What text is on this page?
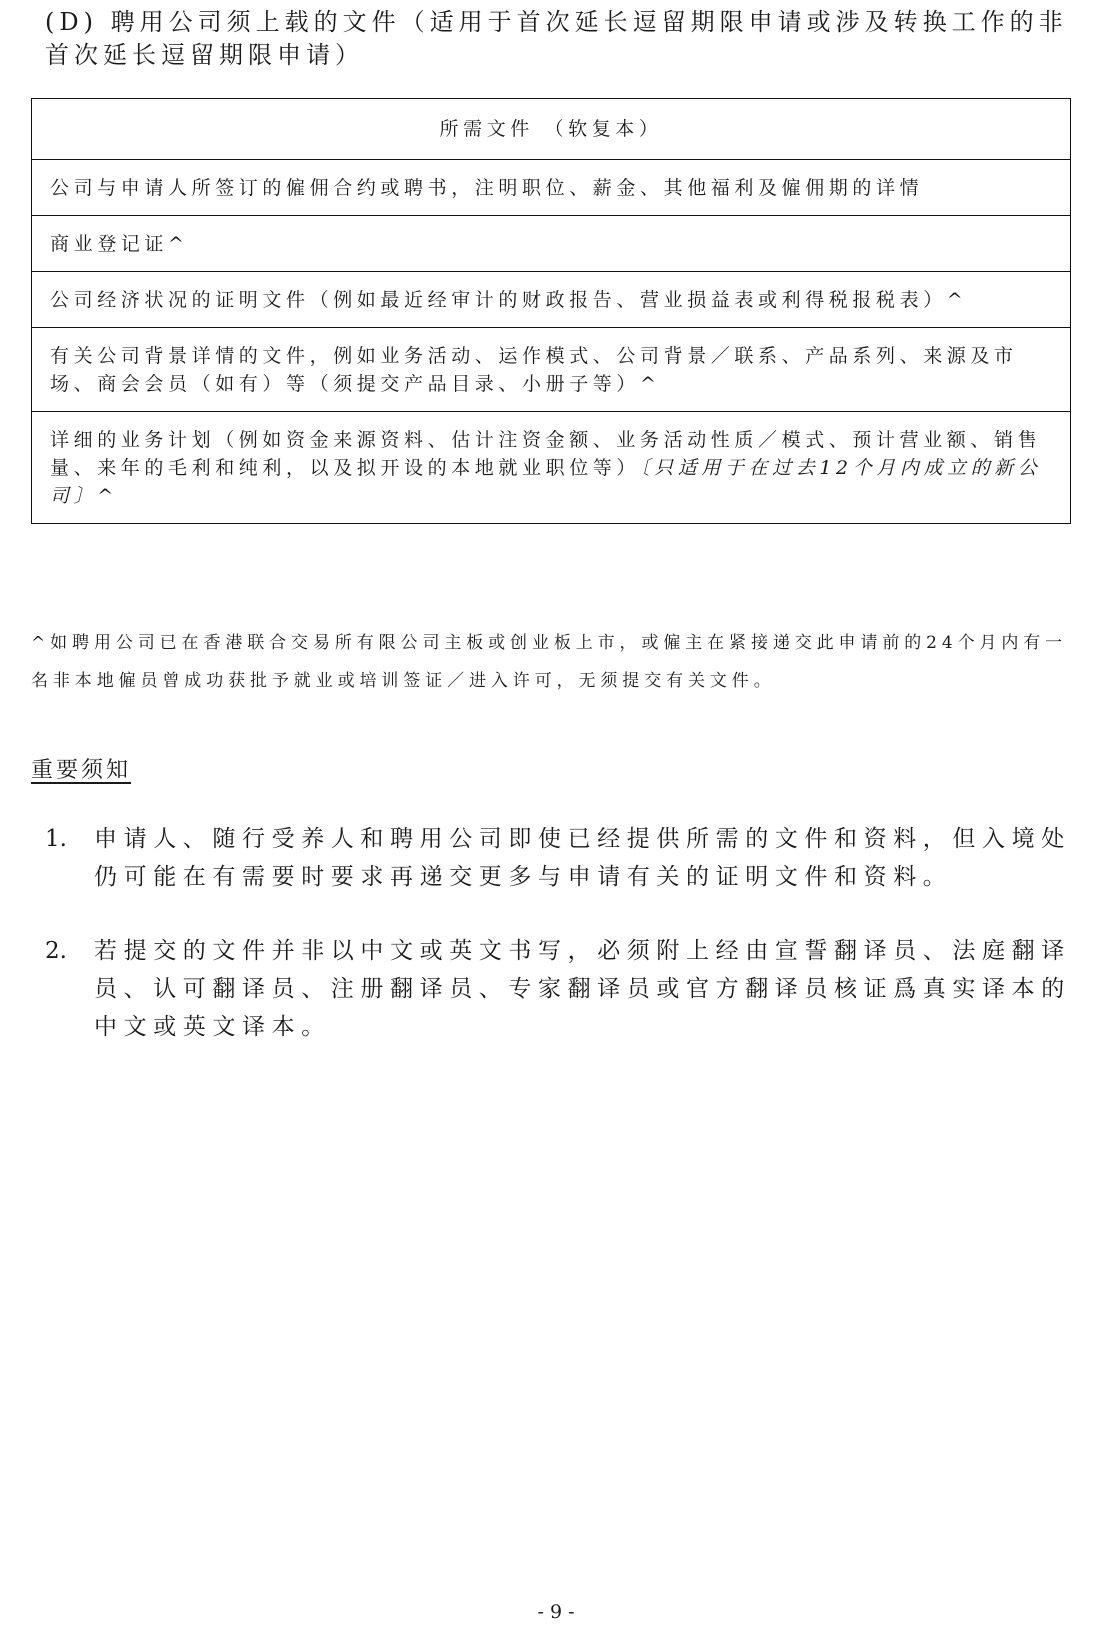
(D) 聘用公司须上载的文件（适用于首次延长逗留期限申请或涉及转换工作的非首次延长逗留期限申请）
所需文件 （软复本）
公司与申请人所签订的僱佣合约或聘书，注明职位、薪金、其他福利及僱佣期的详情
商业登记证^
公司经济状况的证明文件（例如最近经审计的财政报告、营业损益表或利得税报税表）^
有关公司背景详情的文件，例如业务活动、运作模式、公司背景／联系、产品系列、来源及市场、商会会员（如有）等（须提交产品目录、小册子等）^
详细的业务计划（例如资金来源资料、估计注资金额、业务活动性质／模式、预计营业额、销售量、来年的毛利和纯利，以及拟开设的本地就业职位等）〔只适用于在过去12个月内成立的新公司〕^
^如聘用公司已在香港联合交易所有限公司主板或创业板上市，或僱主在紧接递交此申请前的24个月内有一名非本地僱员曾成功获批予就业或培训签证／进入许可，无须提交有关文件。
重要须知
1. 申请人、随行受养人和聘用公司即使已经提供所需的文件和资料，但入境处仍可能在有需要时要求再递交更多与申请有关的证明文件和资料。
2. 若提交的文件并非以中文或英文书写，必须附上经由宣誓翻译员、法庭翻译员、认可翻译员、注册翻译员、专家翻译员或官方翻译员核证爲真实译本的中文或英文译本。
- 9 -
